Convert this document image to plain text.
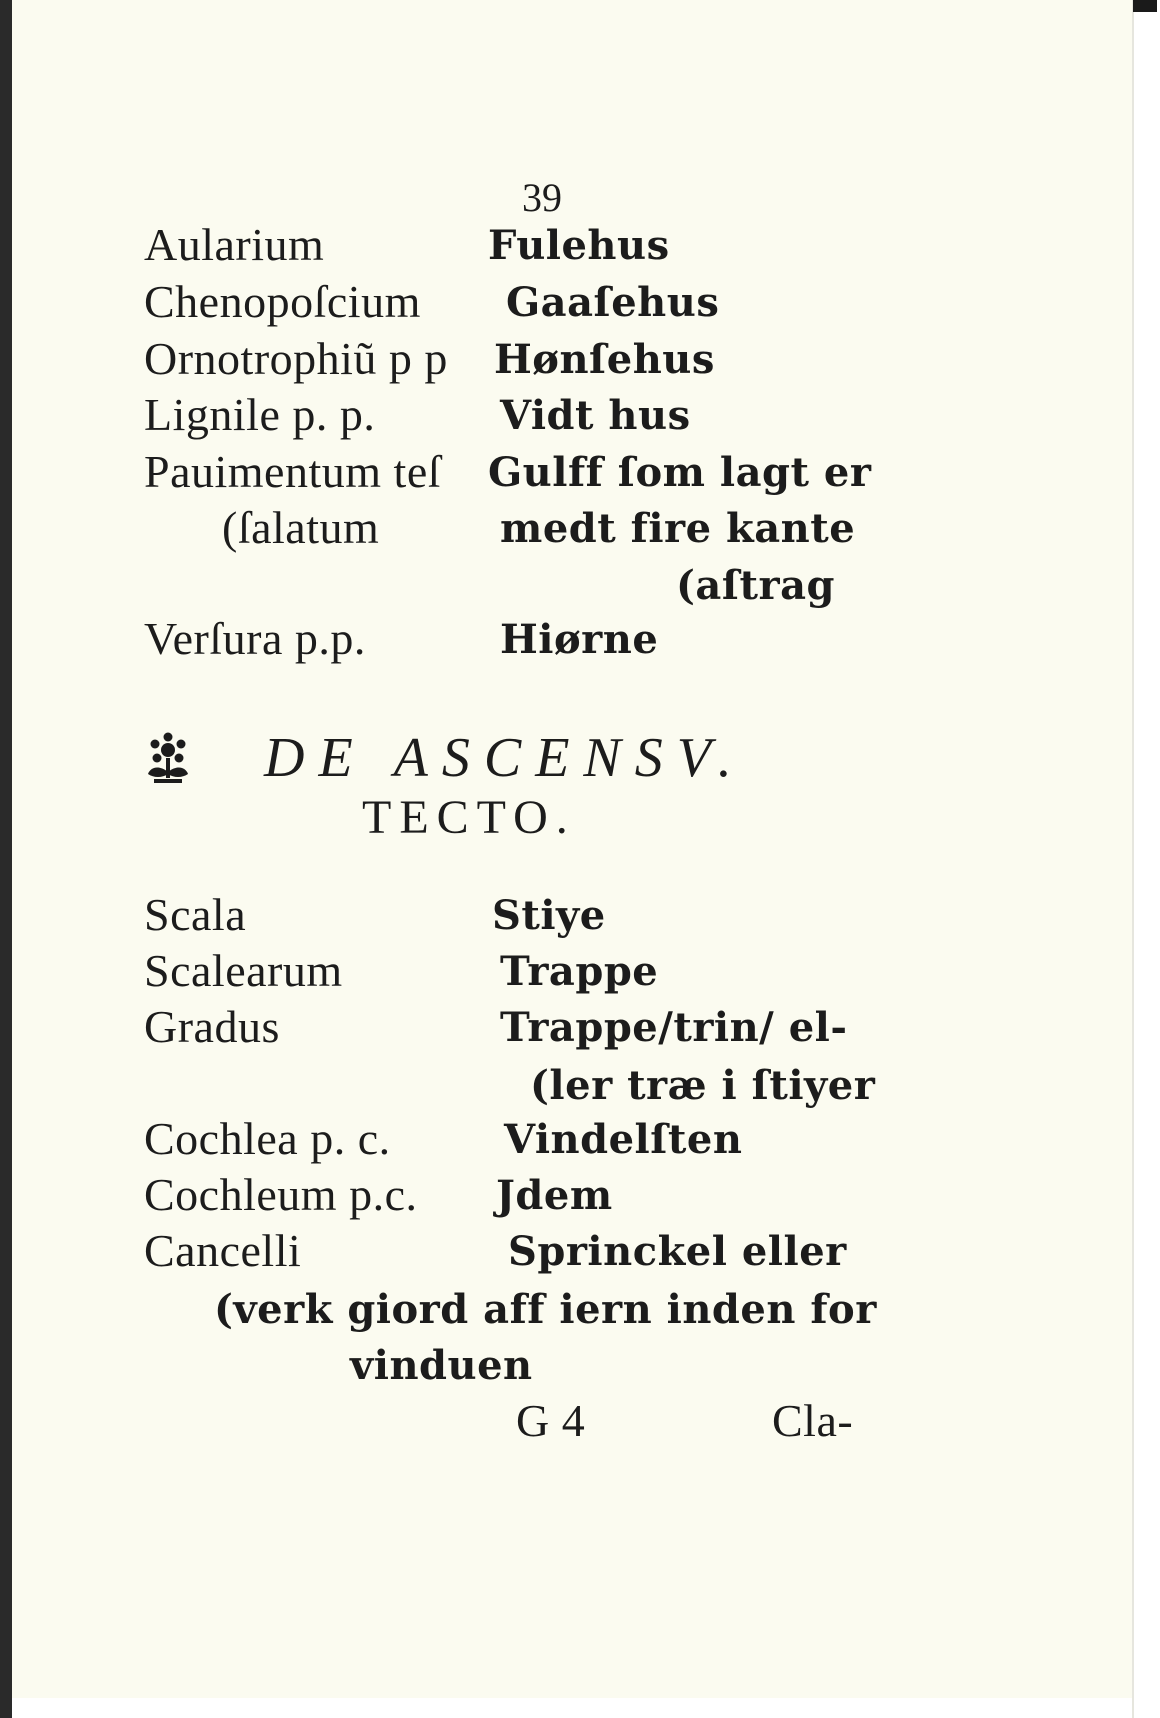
39
Aularium	Fulehus
Chenopoſcium Gaaſehus
Ornotrophiũ p p Hønſehus
Lignile p. p.	Vidt hus
Pauimentum teſ Gulff ſom lagt er
(ſalatum	medt fire kante
(aſtrag
Verſura p.p.	Hiørne
DE ASCENSV.
TECTO.
Scala	Stiye
Scalearum	Trappe
Gradus	Trappe/trin/ el-
(ler træ i ſtiyer
Cochlea p. c.	Vindelſten
Cochleum p.c. Jdem
Cancelli	Sprinckel eller
(verk giord aff iern inden for
vinduen
G 4	Cla-
